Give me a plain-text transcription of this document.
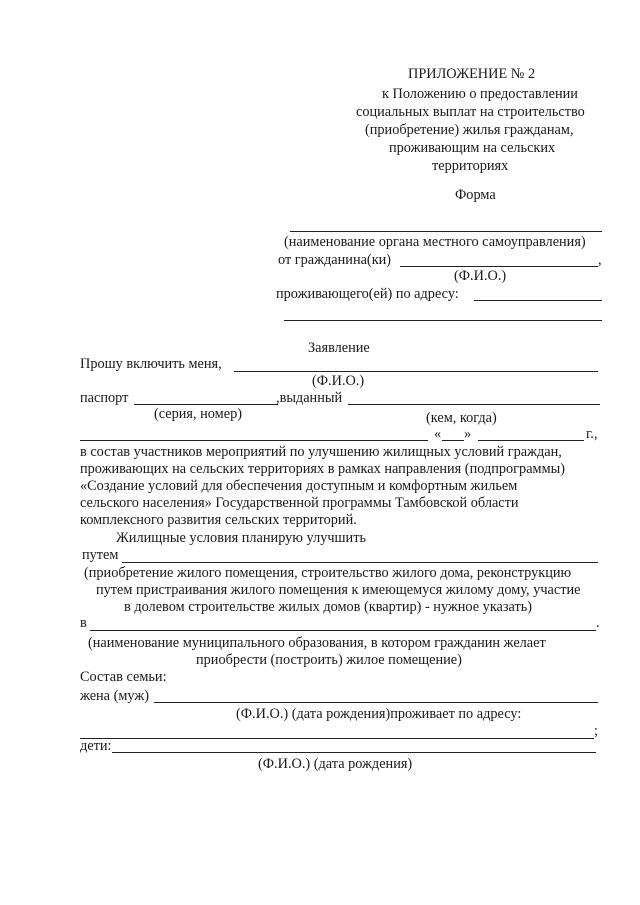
ПРИЛОЖЕНИЕ № 2
к Положению о предоставлении
социальных выплат на строительство
(приобретение) жилья гражданам,
проживающим на сельских
территориях
Форма
(наименование органа местного самоуправления)
от гражданина(ки)	,
(Ф.И.О.)
проживающего(ей) по адресу:
Заявление
Прошу включить меня,
(Ф.И.О.)
паспорт	,выданный
(серия, номер)	(кем, когда)
« »	г.,
в состав участников мероприятий по улучшению жилищных условий граждан,
проживающих на сельских территориях в рамках направления (подпрограммы)
«Создание условий для обеспечения доступным и комфортным жильем
сельского населения» Государственной программы Тамбовской области
комплексного развития сельских территорий.
Жилищные условия планирую улучшить
путем
(приобретение жилого помещения, строительство жилого дома, реконструкцию
путем пристраивания жилого помещения к имеющемуся жилому дому, участие
в долевом строительстве жилых домов (квартир) - нужное указать)
в	.
(наименование муниципального образования, в котором гражданин желает
приобрести (построить) жилое помещение)
Состав семьи:
жена (муж)
(Ф.И.О.) (дата рождения)проживает по адресу:
;
дети:
(Ф.И.О.) (дата рождения)
